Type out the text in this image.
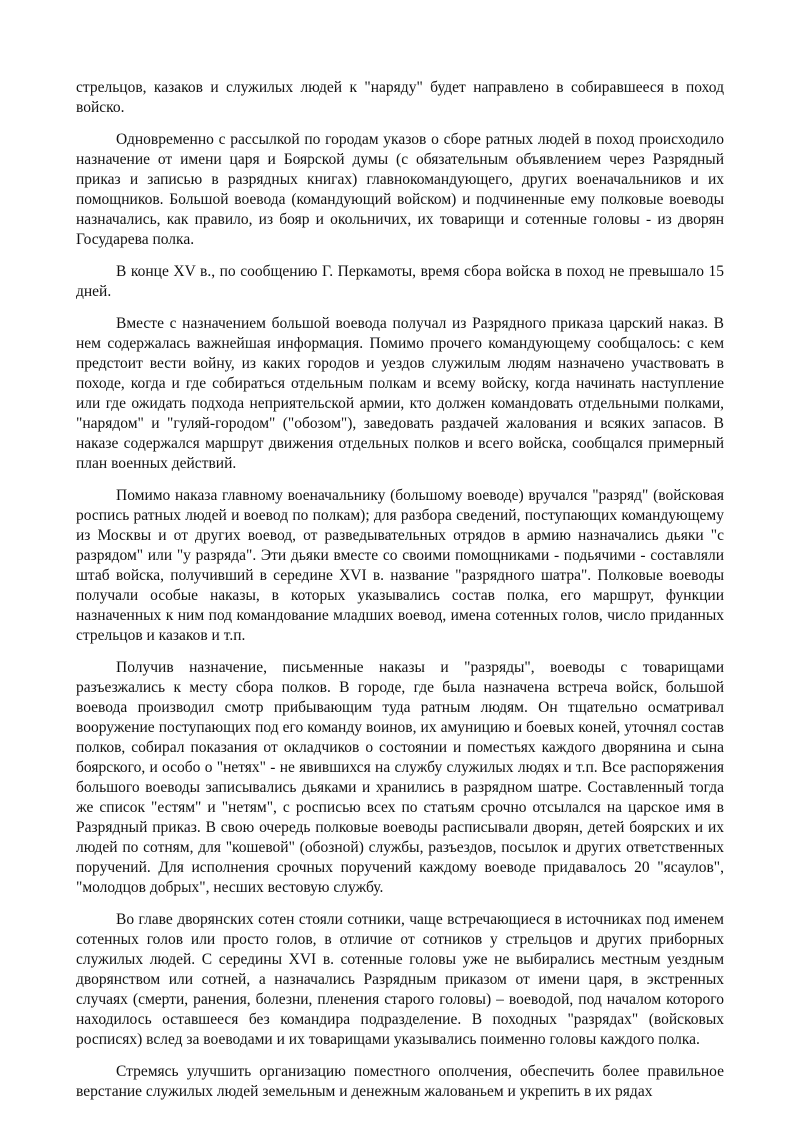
стрельцов, казаков и служилых людей к "наряду" будет направлено в собиравшееся в поход войско.

Одновременно с рассылкой по городам указов о сборе ратных людей в поход происходило назначение от имени царя и Боярской думы (с обязательным объявлением через Разрядный приказ и записью в разрядных книгах) главнокомандующего, других военачальников и их помощников. Большой воевода (командующий войском) и подчиненные ему полковые воеводы назначались, как правило, из бояр и окольничих, их товарищи и сотенные головы - из дворян Государева полка.

В конце XV в., по сообщению Г. Перкамоты, время сбора войска в поход не превышало 15 дней.

Вместе с назначением большой воевода получал из Разрядного приказа царский наказ. В нем содержалась важнейшая информация. Помимо прочего командующему сообщалось: с кем предстоит вести войну, из каких городов и уездов служилым людям назначено участвовать в походе, когда и где собираться отдельным полкам и всему войску, когда начинать наступление или где ожидать подхода неприятельской армии, кто должен командовать отдельными полками, "нарядом" и "гуляй-городом" ("обозом"), заведовать раздачей жалования и всяких запасов. В наказе содержался маршрут движения отдельных полков и всего войска, сообщался примерный план военных действий.

Помимо наказа главному военачальнику (большому воеводе) вручался "разряд" (войсковая роспись ратных людей и воевод по полкам); для разбора сведений, поступающих командующему из Москвы и от других воевод, от разведывательных отрядов в армию назначались дьяки "с разрядом" или "у разряда". Эти дьяки вместе со своими помощниками - подьячими - составляли штаб войска, получивший в середине XVI в. название "разрядного шатра". Полковые воеводы получали особые наказы, в которых указывались состав полка, его маршрут, функции назначенных к ним под командование младших воевод, имена сотенных голов, число приданных стрельцов и казаков и т.п.

Получив назначение, письменные наказы и "разряды", воеводы с товарищами разъезжались к месту сбора полков. В городе, где была назначена встреча войск, большой воевода производил смотр прибывающим туда ратным людям. Он тщательно осматривал вооружение поступающих под его команду воинов, их амуницию и боевых коней, уточнял состав полков, собирал показания от окладчиков о состоянии и поместьях каждого дворянина и сына боярского, и особо о "нетях" - не явившихся на службу служилых людях и т.п. Все распоряжения большого воеводы записывались дьяками и хранились в разрядном шатре. Составленный тогда же список "естям" и "нетям", с росписью всех по статьям срочно отсылался на царское имя в Разрядный приказ. В свою очередь полковые воеводы расписывали дворян, детей боярских и их людей по сотням, для "кошевой" (обозной) службы, разъездов, посылок и других ответственных поручений. Для исполнения срочных поручений каждому воеводе придавалось 20 "ясаулов", "молодцов добрых", несших вестовую службу.

Во главе дворянских сотен стояли сотники, чаще встречающиеся в источниках под именем сотенных голов или просто голов, в отличие от сотников у стрельцов и других приборных служилых людей. С середины XVI в. сотенные головы уже не выбирались местным уездным дворянством или сотней, а назначались Разрядным приказом от имени царя, в экстренных случаях (смерти, ранения, болезни, пленения старого головы) – воеводой, под началом которого находилось оставшееся без командира подразделение. В походных "разрядах" (войсковых росписях) вслед за воеводами и их товарищами указывались поименно головы каждого полка.

Стремясь улучшить организацию поместного ополчения, обеспечить более правильное верстание служилых людей земельным и денежным жалованьем и укрепить в их рядах
